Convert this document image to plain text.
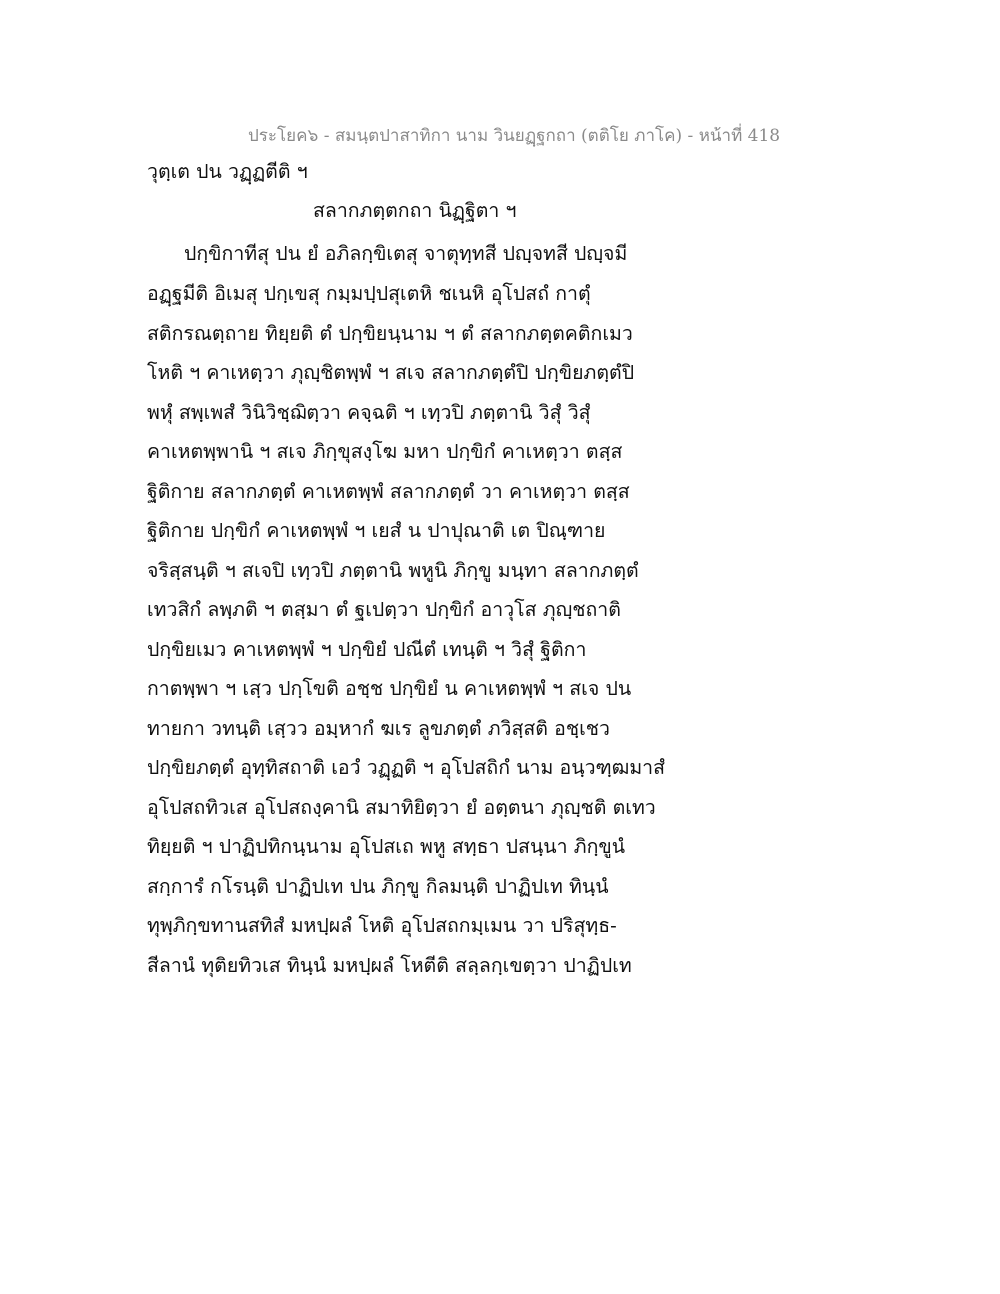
ประโยค๖ - สมนฺตปาสาทิกา นาม วินยฏฺฐกถา (ตติโย ภาโค) - หน้าที่ 418
วุตฺเต ปน วฏฺฏตีติ ฯ
สลากภตฺตกถา นิฏฺฐิตา ฯ
ปกฺขิกาทีสุ ปน ยํ อภิลกฺขิเตสุ จาตุทฺทสี ปญฺจทสี ปญฺจมี
อฏฺฐมีติ อิเมสุ ปกฺเขสุ กมฺมปฺปสุเตหิ ชเนหิ อุโปสถํ กาตุํ
สติกรณตฺถาย ทิยฺยติ ตํ ปกฺขิยนฺนาม ฯ ตํ สลากภตฺตคติกเมว
โหติ ฯ คาเหตฺวา ภุญฺชิตพฺพํ ฯ สเจ สลากภตฺตํปิ ปกฺขิยภตฺตํปิ
พหุํ สพฺเพสํ วินิวิชฺฌิตฺวา คจฺฉติ ฯ เทฺวปิ ภตฺตานิ วิสุํ วิสุํ
คาเหตพฺพานิ ฯ สเจ ภิกฺขุสงฺโฆ มหา ปกฺขิกํ คาเหตฺวา ตสฺส
ฐิติกาย สลากภตฺตํ คาเหตพฺพํ สลากภตฺตํ วา คาเหตฺวา ตสฺส
ฐิติกาย ปกฺขิกํ คาเหตพฺพํ ฯ เยสํ น ปาปุณาติ เต ปิณฺฑาย
จริสฺสนฺติ ฯ สเจปิ เทฺวปิ ภตฺตานิ พหูนิ ภิกฺขู มนฺทา สลากภตฺตํ
เทวสิกํ ลพฺภติ ฯ ตสฺมา ตํ ฐเปตฺวา ปกฺขิกํ อาวุโส ภุญฺชถาติ
ปกฺขิยเมว คาเหตพฺพํ ฯ ปกฺขิยํ ปณีตํ เทนฺติ ฯ วิสุํ ฐิติกา
กาตพฺพา ฯ เสฺว ปกฺโขติ อชฺช ปกฺขิยํ น คาเหตพฺพํ ฯ สเจ ปน
ทายกา วทนฺติ เสฺวว อมฺหากํ ฆเร ลูขภตฺตํ ภวิสฺสติ อชฺเชว
ปกฺขิยภตฺตํ อุทฺทิสถาติ เอวํ วฏฺฏติ ฯ อุโปสถิกํ นาม อนฺวฑฺฒมาสํ
อุโปสถทิวเส อุโปสถงฺคานิ สมาทิยิตฺวา ยํ อตฺตนา ภุญฺชติ ตเทว
ทิยฺยติ ฯ ปาฏิปทิกนฺนาม อุโปสเถ พหู สทฺธา ปสนฺนา ภิกฺขูนํ
สกฺการํ กโรนฺติ ปาฏิปเท ปน ภิกฺขู กิลมนฺติ ปาฏิปเท ทินฺนํ
ทุพฺภิกฺขทานสทิสํ มหปฺผลํ โหติ อุโปสถกมฺเมน วา ปริสุทฺธ-
สีลานํ ทุติยทิวเส ทินฺนํ มหปฺผลํ โหตีติ สลฺลกฺเขตฺวา ปาฏิปเท
